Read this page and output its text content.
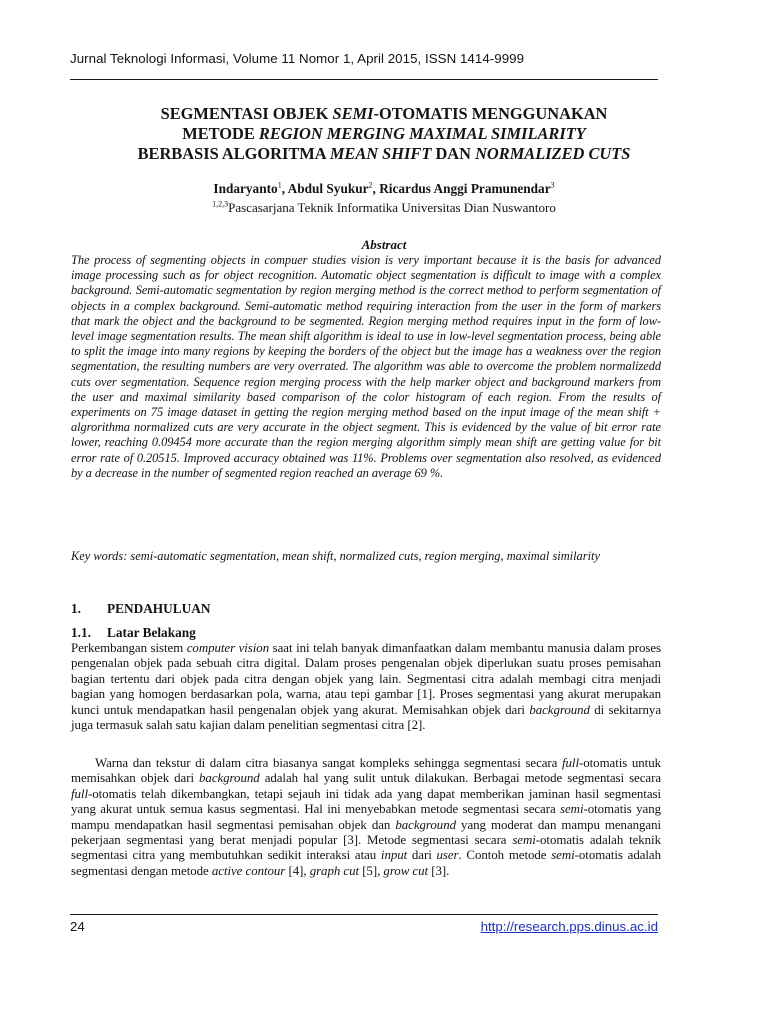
Jurnal Teknologi Informasi, Volume 11 Nomor 1, April 2015, ISSN 1414-9999
SEGMENTASI OBJEK SEMI-OTOMATIS MENGGUNAKAN
METODE REGION MERGING MAXIMAL SIMILARITY
BERBASIS ALGORITMA MEAN SHIFT DAN NORMALIZED CUTS
Indaryanto$^1$, Abdul Syukur$^2$, Ricardus Anggi Pramunendar$^3$
$^{1,2,3}$Pascasarjana Teknik Informatika Universitas Dian Nuswantoro
Abstract
The process of segmenting objects in compuer studies vision is very important because it is the basis for advanced image processing such as for object recognition. Automatic object segmentation is difficult to image with a complex background. Semi-automatic segmentation by region merging method is the correct method to perform segmentation of objects in a complex background. Semi-automatic method requiring interaction from the user in the form of markers that mark the object and the background to be segmented. Region merging method requires input in the form of low-level image segmentation results. The mean shift algorithm is ideal to use in low-level segmentation process, being able to split the image into many regions by keeping the borders of the object but the image has a weakness over the region segmentation, the resulting numbers are very overrated. The algorithm was able to overcome the problem normalizedd cuts over segmentation. Sequence region merging process with the help marker object and background markers from the user and maximal similarity based comparison of the color histogram of each region. From the results of experiments on 75 image dataset in getting the region merging method based on the input image of the mean shift + algrorithma normalized cuts are very accurate in the object segment. This is evidenced by the value of bit error rate lower, reaching 0.09454 more accurate than the region merging algorithm simply mean shift are getting value for bit error rate of 0.20515. Improved accuracy obtained was 11%. Problems over segmentation also resolved, as evidenced by a decrease in the number of segmented region reached an average 69 %.
Key words: semi-automatic segmentation, mean shift, normalized cuts, region merging, maximal similarity
1. PENDAHULUAN
1.1. Latar Belakang
Perkembangan sistem computer vision saat ini telah banyak dimanfaatkan dalam membantu manusia dalam proses pengenalan objek pada sebuah citra digital. Dalam proses pengenalan objek diperlukan suatu proses pemisahan bagian tertentu dari objek pada citra dengan objek yang lain. Segmentasi citra adalah membagi citra menjadi bagian yang homogen berdasarkan pola, warna, atau tepi gambar [1]. Proses segmentasi yang akurat merupakan kunci untuk mendapatkan hasil pengenalan objek yang akurat. Memisahkan objek dari background di sekitarnya juga termasuk salah satu kajian dalam penelitian segmentasi citra [2].
Warna dan tekstur di dalam citra biasanya sangat kompleks sehingga segmentasi secara full-otomatis untuk memisahkan objek dari background adalah hal yang sulit untuk dilakukan. Berbagai metode segmentasi secara full-otomatis telah dikembangkan, tetapi sejauh ini tidak ada yang dapat memberikan jaminan hasil segmentasi yang akurat untuk semua kasus segmentasi. Hal ini menyebabkan metode segmentasi secara semi-otomatis yang mampu mendapatkan hasil segmentasi pemisahan objek dan background yang moderat dan mampu menangani pekerjaan segmentasi yang berat menjadi popular [3]. Metode segmentasi secara semi-otomatis adalah teknik segmentasi citra yang membutuhkan sedikit interaksi atau input dari user. Contoh metode semi-otomatis adalah segmentasi dengan metode active contour [4], graph cut [5], grow cut [3].
24	http://research.pps.dinus.ac.id
